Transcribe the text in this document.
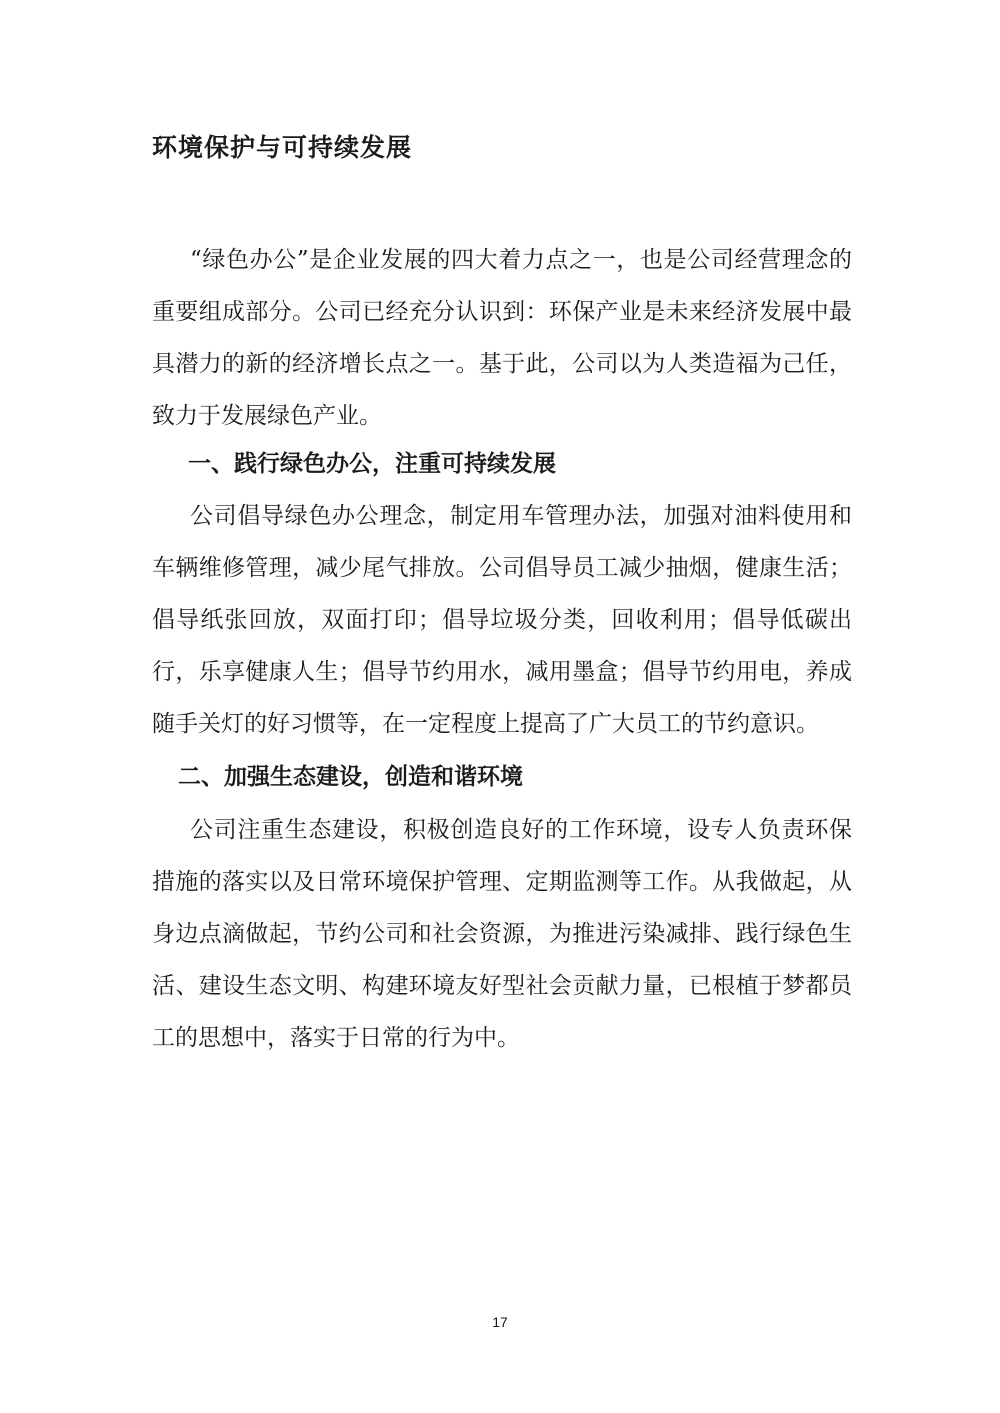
环境保护与可持续发展

“绿色办公”是企业发展的四大着力点之一，也是公司经营理念的重要组成部分。公司已经充分认识到：环保产业是未来经济发展中最具潜力的新的经济增长点之一。基于此，公司以为人类造福为己任，致力于发展绿色产业。

一、践行绿色办公，注重可持续发展

公司倡导绿色办公理念，制定用车管理办法，加强对油料使用和车辆维修管理，减少尾气排放。公司倡导员工减少抽烟，健康生活；倡导纸张回放，双面打印；倡导垃圾分类，回收利用；倡导低碳出行，乐享健康人生；倡导节约用水，减用墨盒；倡导节约用电，养成随手关灯的好习惯等，在一定程度上提高了广大员工的节约意识。

二、加强生态建设，创造和谐环境

公司注重生态建设，积极创造良好的工作环境，设专人负责环保措施的落实以及日常环境保护管理、定期监测等工作。从我做起，从身边点滴做起，节约公司和社会资源，为推进污染减排、践行绿色生活、建设生态文明、构建环境友好型社会贡献力量，已根植于梦都员工的思想中，落实于日常的行为中。

17
